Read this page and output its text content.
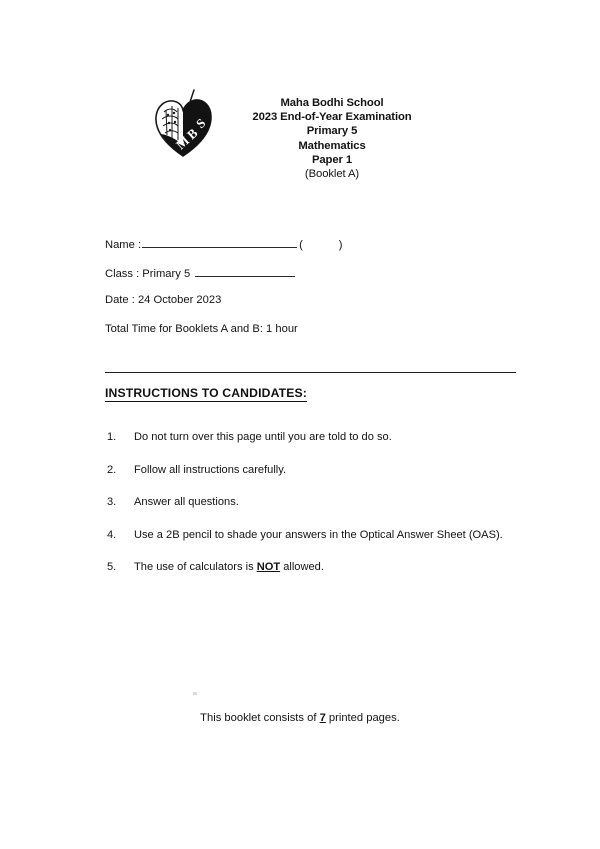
M
B
S
Maha Bodhi School
2023 End-of-Year Examination
Primary 5
Mathematics
Paper 1
(Booklet A)
Name :	(	)
Class : Primary 5
Date : 24 October 2023
Total Time for Booklets A and B: 1 hour
INSTRUCTIONS TO CANDIDATES:
1.	Do not turn over this page until you are told to do so.
2.	Follow all instructions carefully.
3.	Answer all questions.
4.	Use a 2B pencil to shade your answers in the Optical Answer Sheet (OAS).
5.	The use of calculators is NOT allowed.
This booklet consists of 7 printed pages.
